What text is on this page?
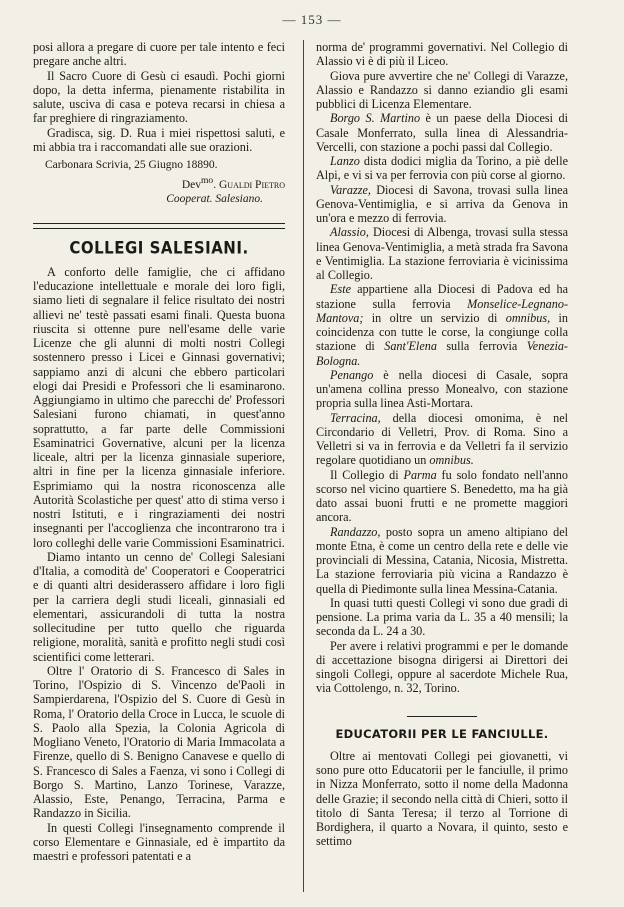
— 153 —

posi allora a pregare di cuore per tale intento e feci pregare anche altri.

Il Sacro Cuore di Gesù ci esaudì. Pochi giorni dopo, la detta inferma, pienamente ristabilita in salute, usciva di casa e poteva recarsi in chiesa a far preghiere di ringraziamento.

Gradisca, sig. D. Rua i miei rispettosi saluti, e mi abbia tra i raccomandati alle sue orazioni.

Carbonara Scrivia, 25 Giugno 18890.

Dev$^{mo}$. Gualdi Pietro

Cooperat. Salesiano.

COLLEGI SALESIANI.

A conforto delle famiglie, che ci affidano l'educazione intellettuale e morale dei loro figli, siamo lieti di segnalare il felice risultato dei nostri allievi ne' testè passati esami finali. Questa buona riuscita si ottenne pure nell'esame delle varie Licenze che gli alunni di molti nostri Collegi sostennero presso i Licei e Ginnasi governativi; sappiamo anzi di alcuni che ebbero particolari elogi dai Presidi e Professori che li esaminarono. Aggiungiamo in ultimo che parecchi de' Professori Salesiani furono chiamati, in quest'anno soprattutto, a far parte delle Commissioni Esaminatrici Governative, alcuni per la licenza liceale, altri per la licenza ginnasiale superiore, altri in fine per la licenza ginnasiale inferiore. Esprimiamo qui la nostra riconoscenza alle Autorità Scolastiche per quest' atto di stima verso i nostri Istituti, e i ringraziamenti dei nostri insegnanti per l'accoglienza che incontrarono tra i loro colleghi delle varie Commissioni Esaminatrici.

Diamo intanto un cenno de' Collegi Salesiani d'Italia, a comodità de' Cooperatori e Cooperatrici e di quanti altri desiderassero affidare i loro figli per la carriera degli studi liceali, ginnasiali ed elementari, assicurandoli di tutta la nostra sollecitudine per tutto quello che riguarda religione, moralità, sanità e profitto negli studi così scientifici come letterari.

Oltre l' Oratorio di S. Francesco di Sales in Torino, l'Ospizio di S. Vincenzo de'Paoli in Sampierdarena, l'Ospizio del S. Cuore di Gesù in Roma, l' Oratorio della Croce in Lucca, le scuole di S. Paolo alla Spezia, la Colonia Agricola di Mogliano Veneto, l'Oratorio di Maria Immacolata a Firenze, quello di S. Benigno Canavese e quello di S. Francesco di Sales a Faenza, vi sono i Collegi di Borgo S. Martino, Lanzo Torinese, Varazze, Alassio, Este, Penango, Terracina, Parma e Randazzo in Sicilia.

In questi Collegi l'insegnamento comprende il corso Elementare e Ginnasiale, ed è impartito da maestri e professori patentati e a

norma de' programmi governativi. Nel Collegio di Alassio vi è di più il Liceo.

Giova pure avvertire che ne' Collegi di Varazze, Alassio e Randazzo si danno eziandio gli esami pubblici di Licenza Elementare.

Borgo S. Martino è un paese della Diocesi di Casale Monferrato, sulla linea di Alessandria-Vercelli, con stazione a pochi passi dal Collegio.

Lanzo dista dodici miglia da Torino, a piè delle Alpi, e vi si va per ferrovia con più corse al giorno.

Varazze, Diocesi di Savona, trovasi sulla linea Genova-Ventimiglia, e si arriva da Genova in un'ora e mezzo di ferrovia.

Alassio, Diocesi di Albenga, trovasi sulla stessa linea Genova-Ventimiglia, a metà strada fra Savona e Ventimiglia. La stazione ferroviaria è vicinissima al Collegio.

Este appartiene alla Diocesi di Padova ed ha stazione sulla ferrovia Monselice-Legnano-Mantova; in oltre un servizio di omnibus, in coincidenza con tutte le corse, la congiunge colla stazione di Sant'Elena sulla ferrovia Venezia-Bologna.

Penango è nella diocesi di Casale, sopra un'amena collina presso Monealvo, con stazione propria sulla linea Asti-Mortara.

Terracina, della diocesi omonima, è nel Circondario di Velletri, Prov. di Roma. Sino a Velletri si va in ferrovia e da Velletri fa il servizio regolare quotidiano un omnibus.

Il Collegio di Parma fu solo fondato nell'anno scorso nel vicino quartiere S. Benedetto, ma ha già dato assai buoni frutti e ne promette maggiori ancora.

Randazzo, posto sopra un ameno altipiano del monte Etna, è come un centro della rete e delle vie provinciali di Messina, Catania, Nicosia, Mistretta. La stazione ferroviaria più vicina a Randazzo è quella di Piedimonte sulla linea Messina-Catania.

In quasi tutti questi Collegi vi sono due gradi di pensione. La prima varia da L. 35 a 40 mensili; la seconda da L. 24 a 30.

Per avere i relativi programmi e per le domande di accettazione bisogna dirigersi ai Direttori dei singoli Collegi, oppure al sacerdote Michele Rua, via Cottolengo, n. 32, Torino.

EDUCATORII PER LE FANCIULLE.

Oltre ai mentovati Collegi pei giovanetti, vi sono pure otto Educatorii per le fanciulle, il primo in Nizza Monferrato, sotto il nome della Madonna delle Grazie; il secondo nella città di Chieri, sotto il titolo di Santa Teresa; il terzo al Torrione di Bordighera, il quarto a Novara, il quinto, sesto e settimo
